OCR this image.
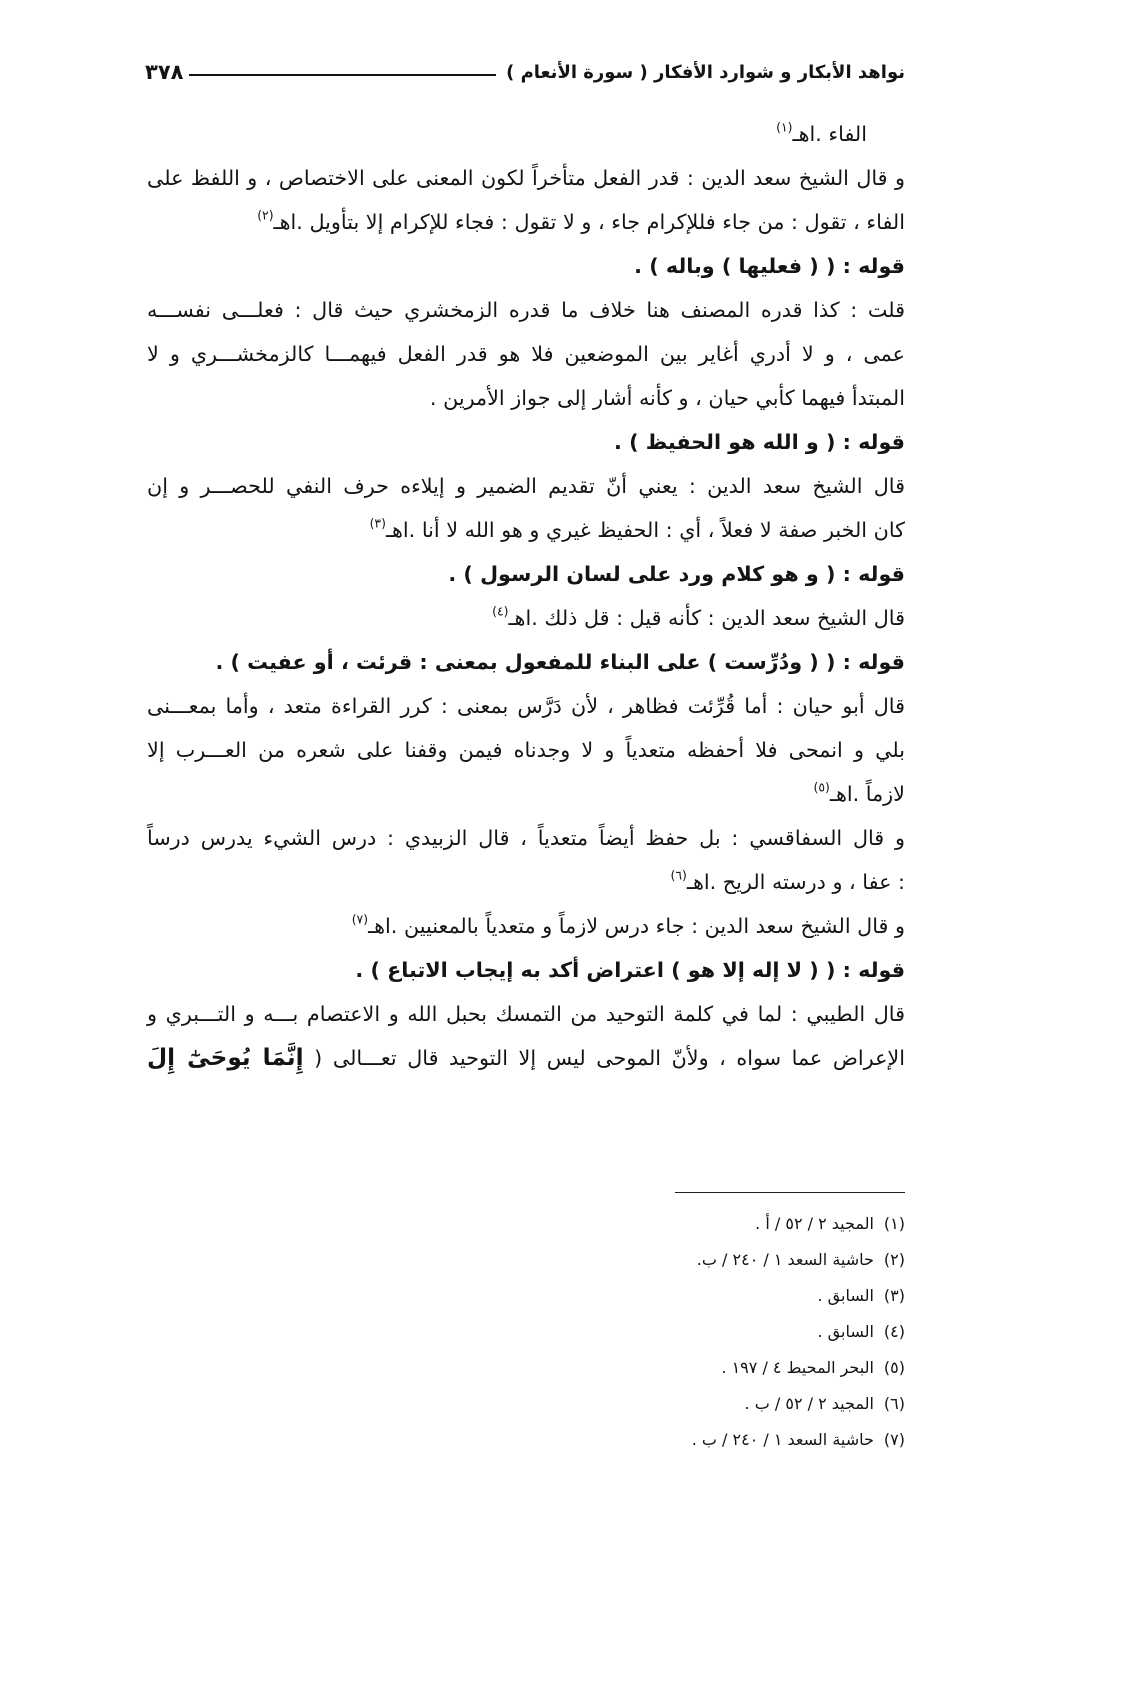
نواهد الأبكار و شوارد الأفكار ( سورة الأنعام )
٣٧٨
الفاء .اهـ$^{(١)}$
و قال الشيخ سعد الدين : قدر الفعل متأخراً لكون المعنى على الاختصاص ، و اللفظ على
الفاء ، تقول : من جاء فللإكرام جاء ، و لا تقول : فجاء للإكرام إلا بتأويل .اهـ$^{(٢)}$
قوله : ( ( فعليها ) وباله ) .
قلت : كذا قدره المصنف هنا خلاف ما قدره الزمخشري حيث قال : فعلـــى نفســـه
عمى ، و لا أدري أغاير بين الموضعين فلا هو قدر الفعل فيهمـــا كالزمخشـــري و لا
المبتدأ فيهما كأبي حيان ، و كأنه أشار إلى جواز الأمرين .
قوله : ( و الله هو الحفيظ ) .
قال الشيخ سعد الدين : يعني أنّ تقديم الضمير و إيلاءه حرف النفي للحصـــر و إن
كان الخبر صفة لا فعلاً ، أي : الحفيظ غيري و هو الله لا أنا .اهـ$^{(٣)}$
قوله : ( و هو كلام ورد على لسان الرسول ) .
قال الشيخ سعد الدين : كأنه قيل : قل ذلك .اهـ$^{(٤)}$
قوله : ( ( ودُرِّست ) على البناء للمفعول بمعنى : قرئت ، أو عفيت ) .
قال أبو حيان : أما قُرِّئت فظاهر ، لأن دَرَّس بمعنى : كرر القراءة متعد ، وأما بمعـــنى
بلي و انمحى فلا أحفظه متعدياً و لا وجدناه فيمن وقفنا على شعره من العـــرب إلا
لازماً .اهـ$^{(٥)}$
و قال السفاقسي : بل حفظ أيضاً متعدياً ، قال الزبيدي : درس الشيء يدرس درساً
: عفا ، و درسته الريح .اهـ$^{(٦)}$
و قال الشيخ سعد الدين : جاء درس لازماً و متعدياً بالمعنيين .اهـ$^{(٧)}$
قوله : ( ( لا إله إلا هو ) اعتراض أكد به إيجاب الاتباع ) .
قال الطيبي : لما في كلمة التوحيد من التمسك بحبل الله و الاعتصام بـــه و التـــبري و
الإعراض عما سواه ، ولأنّ الموحى ليس إلا التوحيد قال تعـــالى ( إِنَّمَا يُوحَىٰٓ إِلَ
(١)
المجيد ٢ / ٥٢ / أ .
(٢)
حاشية السعد ١ / ٢٤٠ / ب.
(٣)
السابق .
(٤)
السابق .
(٥)
البحر المحيط ٤ / ١٩٧ .
(٦)
المجيد ٢ / ٥٢ / ب .
(٧)
حاشية السعد ١ / ٢٤٠ / ب .
